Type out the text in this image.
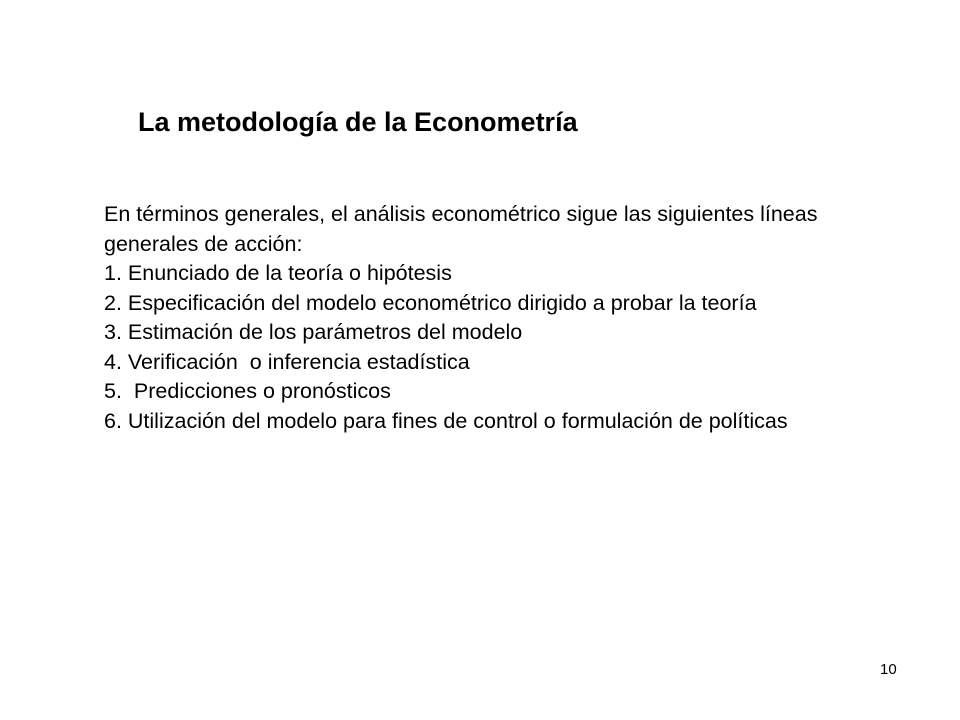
La metodología de la Econometría

En términos generales, el análisis econométrico sigue las siguientes líneas generales de acción:

1. Enunciado de la teoría o hipótesis

2. Especificación del modelo econométrico dirigido a probar la teoría

3. Estimación de los parámetros del modelo

4. Verificación  o inferencia estadística

5.  Predicciones o pronósticos

6. Utilización del modelo para fines de control o formulación de políticas

10
